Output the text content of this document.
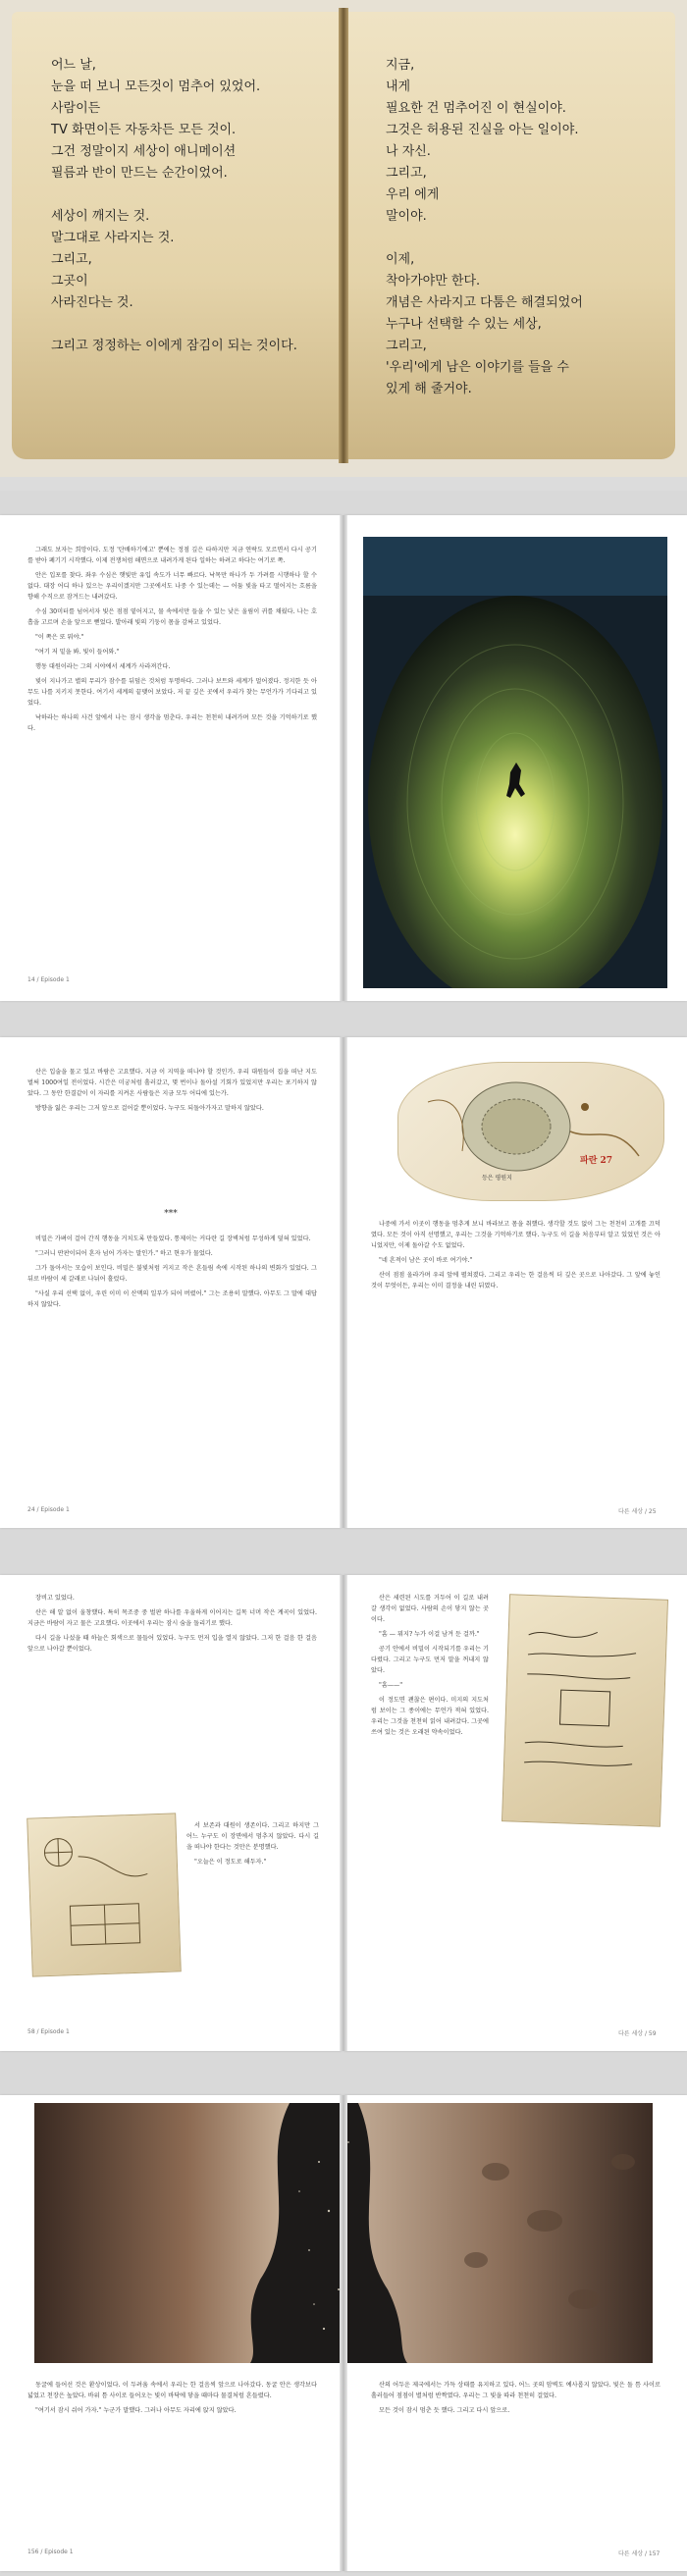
어느 날,
눈을 떠 보니 모든것이 멈추어 있었어.
사람이든
TV 화면이든 자동차든 모든 것이.
그건 정말이지 세상이 애니메이션
필름과 반이 만드는 순간이었어.

세상이 깨지는 것.
말그대로 사라지는 것.
그리고,
그곳이
사라진다는 것.

그리고 정정하는 이에게 잠김이 되는 것이다.
지금,
내게
필요한 건 멈추어진 이 현실이야.
그것은 허용된 진실을 아는 일이야.
나 자신.
그리고,
우리 에게
말이야.

이제,
착아가야만 한다.
개념은 사라지고 다툼은 해결되었어
누구나 선택할 수 있는 세상,
그리고,
'우리'에게 남은 이야기를 들을 수
있게 해 줄거야.

그래도 보자는 희망이다. 도정 '탄배하기에고' 뿐에는 정점 깊은 타하지만 지금 연락도 모르면서 다시 공기를 받아 폐기기 시작했다. 이제 전쟁처럼 해면으로 내려가게 된다 일하는 하려고 하다는 여기로 쪽.

안은 입포를 찾다. 좌우 수심은 햇빛만 유입 속도가 너무 빠르다. 낙목만 하나가 두 가려를 시행하나 할 수 없다. 대장 어디 하나 있으는 우리이겠지만 그곳에서도 나중 수 있는데는 — 어둠 빛을 타고 떨어지는 흐름을 향해 수직으로 잠겨드는 내려갔다.

수심 30미터를 넘어서자 빛은 점점 옅어지고, 물 속에서만 들을 수 있는 낮은 울림이 귀를 채웠다. 나는 호흡을 고르며 손을 앞으로 뻗었다. 발아래 빛의 기둥이 몸을 감싸고 있었다.

"이 쪽은 또 뭐야."

"여기 저 밑을 봐. 빛이 들어와."

행동 대원이라는 그의 시야에서 세계가 사라져간다.

빛이 지나가고 별의 무리가 잠수를 뒤덮은 것처럼 투명하다. 그러나 보트와 세계가 멀어졌다. 정지한 듯 아무도 나를 지키지 못한다. 여기서 세계의 끝맺어 보았다. 저 끝 깊은 곳에서 우리가 찾는 무언가가 기다리고 있었다.

낙하라는 하나의 사건 앞에서 나는 잠시 생각을 멈춘다. 우리는 천천히 내려가며 모든 것을 기억하기로 했다.

14 / Episode 1

산은 입술을 물고 있고 바람은 고요했다. 지금 이 지역을 떠나야 할 것인가. 우리 대원들이 집을 떠난 지도 벌써 1000여일 전이었다. 시간은 미궁처럼 흘러갔고, 몇 번이나 돌아설 기회가 있었지만 우리는 포기하지 않았다. 그 동안 한결같이 이 자리를 지켜온 사람들은 지금 모두 어디에 있는가.

방향을 잃은 우리는 그저 앞으로 걸어갈 뿐이었다. 누구도 되돌아가자고 말하지 않았다.

***

비밀은 가벼이 걸어 간직 행동을 거치도록 만들었다. 통제이는 커다란 길 장벽처럼 무성하게 덮혀 있었다.

"그러니 딴판이되어 혼자 넘어 가자는 말인가." 하고 현우가 물었다.

그가 돌아서는 모습이 보인다. 비밀은 불빛처럼 커지고 작은 흔들림 속에 시작된 하나의 변화가 있었다. 그 뒤로 바람이 세 갈래로 나뉘어 흘렀다.

"사실 우리 선택 없이, 우린 이미 이 산맥의 일부가 되어 버렸어." 그는 조용히 말했다. 아무도 그 말에 대답하지 않았다.

24 / Episode 1
파란 27
등은 평원지

나중에 가서 이곳이 행동을 멈추게 보니 바라보고 몸을 취했다. 생각할 것도 없이 그는 천천히 고개를 끄덕였다. 모든 것이 아직 선명했고, 우리는 그것을 기억하기로 했다. 누구도 이 길을 처음부터 알고 있었던 것은 아니었지만, 이제 돌아갈 수도 없었다.

"네 흔적이 남은 곳이 바로 여기야."

산이 점점 올라가며 우리 앞에 펼쳐졌다. 그리고 우리는 한 걸음씩 더 깊은 곳으로 나아갔다. 그 앞에 놓인 것이 무엇이든, 우리는 이미 결정을 내린 뒤였다.

다른 세상 / 25

장비고 있었다.

산은 해 알 없이 울창했다. 특히 목조중 중 벌판 하나를 우울하게 이어지는 길목 너머 작은 계곡이 있었다. 지금은 바람이 자고 물은 고요했다. 이곳에서 우리는 잠시 숨을 돌리기로 했다.

다시 길을 나섰을 때 하늘은 회색으로 물들어 있었다. 누구도 먼저 입을 열지 않았다. 그저 한 걸음 한 걸음 앞으로 나아갈 뿐이었다.

서 보존과 대원이 생존이다. 그리고 하지만 그 어느 누구도 이 장면에서 멈추지 않았다. 다시 길을 떠나야 한다는 것만은 분명했다.

"오늘은 이 정도로 해두자."

58 / Episode 1

산은 세련된 시도를 거두어 이 길로 내려갈 생각이 없었다. 사람의 손이 닿지 않는 곳이다.

"흠 — 뭐지? 누가 이걸 남겨 둔 걸까."

공기 안에서 비밀이 시작되기를 우리는 기다렸다. 그리고 누구도 먼저 말을 꺼내지 않았다.

"흠——"

이 정도면 괜찮은 편이다. 미지의 지도처럼 보이는 그 종이에는 무언가 적혀 있었다. 우리는 그것을 천천히 읽어 내려갔다. 그곳에 쓰여 있는 것은 오래된 약속이었다.

다른 세상 / 59
156 / Episode 1	다른 세상 / 157

동굴에 들어선 것은 환상이었다. 이 두려움 속에서 우리는 한 걸음씩 앞으로 나아갔다. 동굴 안은 생각보다 넓었고 천장은 높았다. 바위 틈 사이로 들어오는 빛이 바닥에 닿을 때마다 물결처럼 흔들렸다.

"여기서 잠시 쉬어 가자." 누군가 말했다. 그러나 아무도 자리에 앉지 않았다.

산의 어두운 제국에서는 가득 상태를 유지하고 있다. 어느 곳의 암벽도 예사롭지 않았다. 빛은 돌 틈 사이로 흘러들어 점점이 별처럼 반짝였다. 우리는 그 빛을 따라 천천히 걸었다.

모든 것이 잠시 멈춘 듯 했다. 그리고 다시 앞으로.
